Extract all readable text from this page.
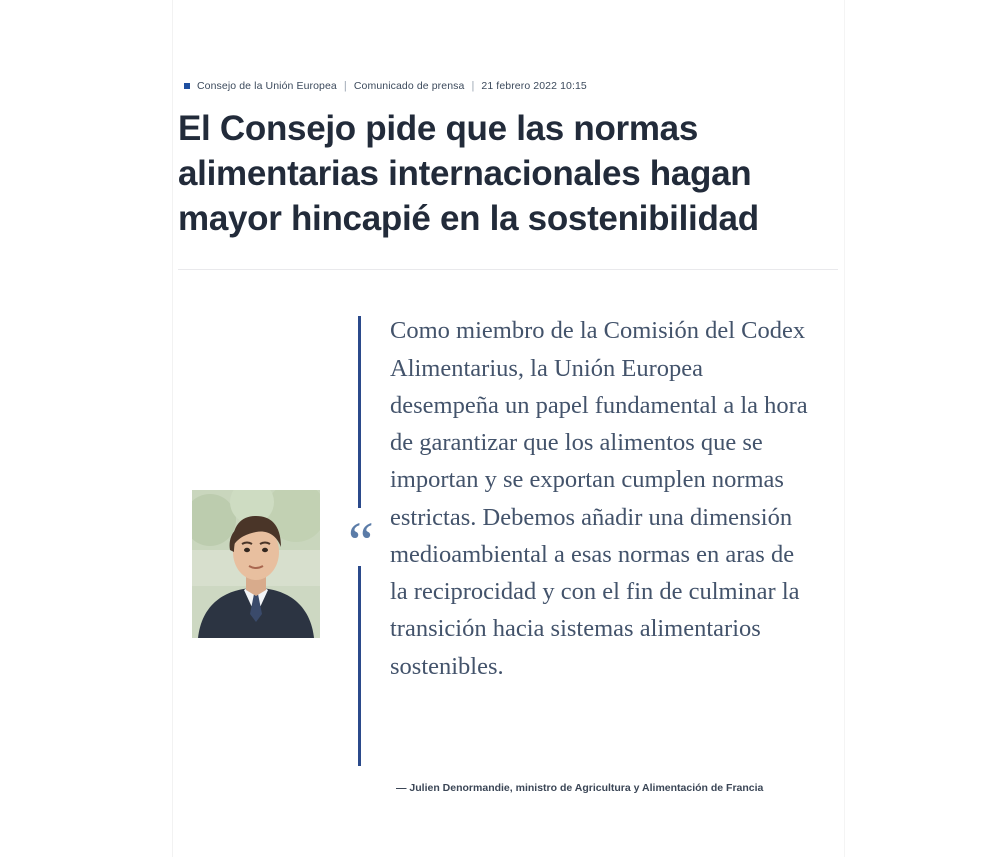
Consejo de la Unión Europea | Comunicado de prensa | 21 febrero 2022 10:15
El Consejo pide que las normas alimentarias internacionales hagan mayor hincapié en la sostenibilidad
“
Como miembro de la Comisión del Codex Alimentarius, la Unión Europea desempeña un papel fundamental a la hora de garantizar que los alimentos que se importan y se exportan cumplen normas estrictas. Debemos añadir una dimensión medioambiental a esas normas en aras de la reciprocidad y con el fin de culminar la transición hacia sistemas alimentarios sostenibles.
— Julien Denormandie, ministro de Agricultura y Alimentación de Francia
